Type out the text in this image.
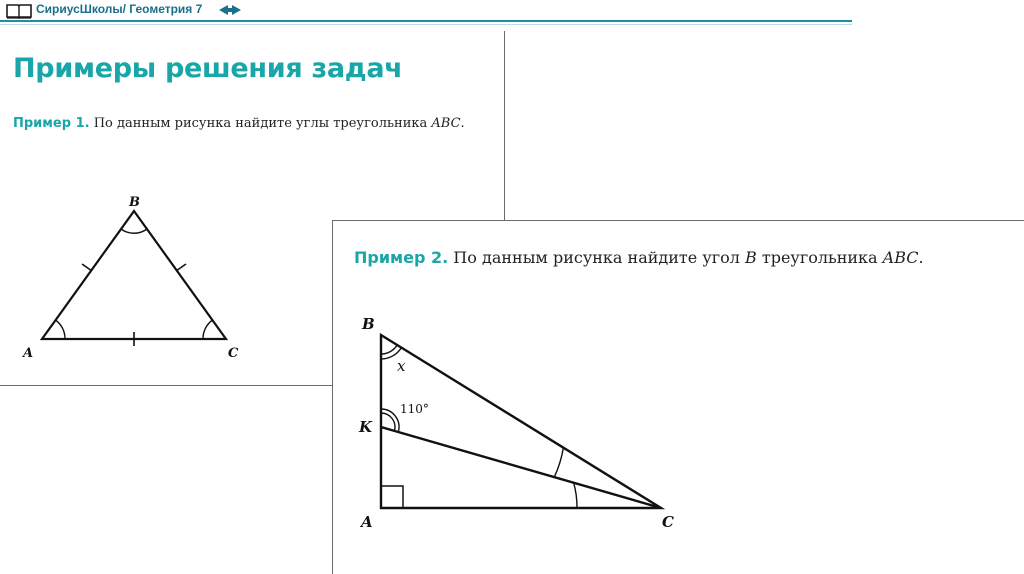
СириусШколы/ Геометрия 7
Примеры решения задач
Пример 1. По данным рисунка найдите углы треугольника ABC.
B
A	C
Пример 2. По данным рисунка найдите угол B треугольника ABC.
B
K
A	C
x
110°
